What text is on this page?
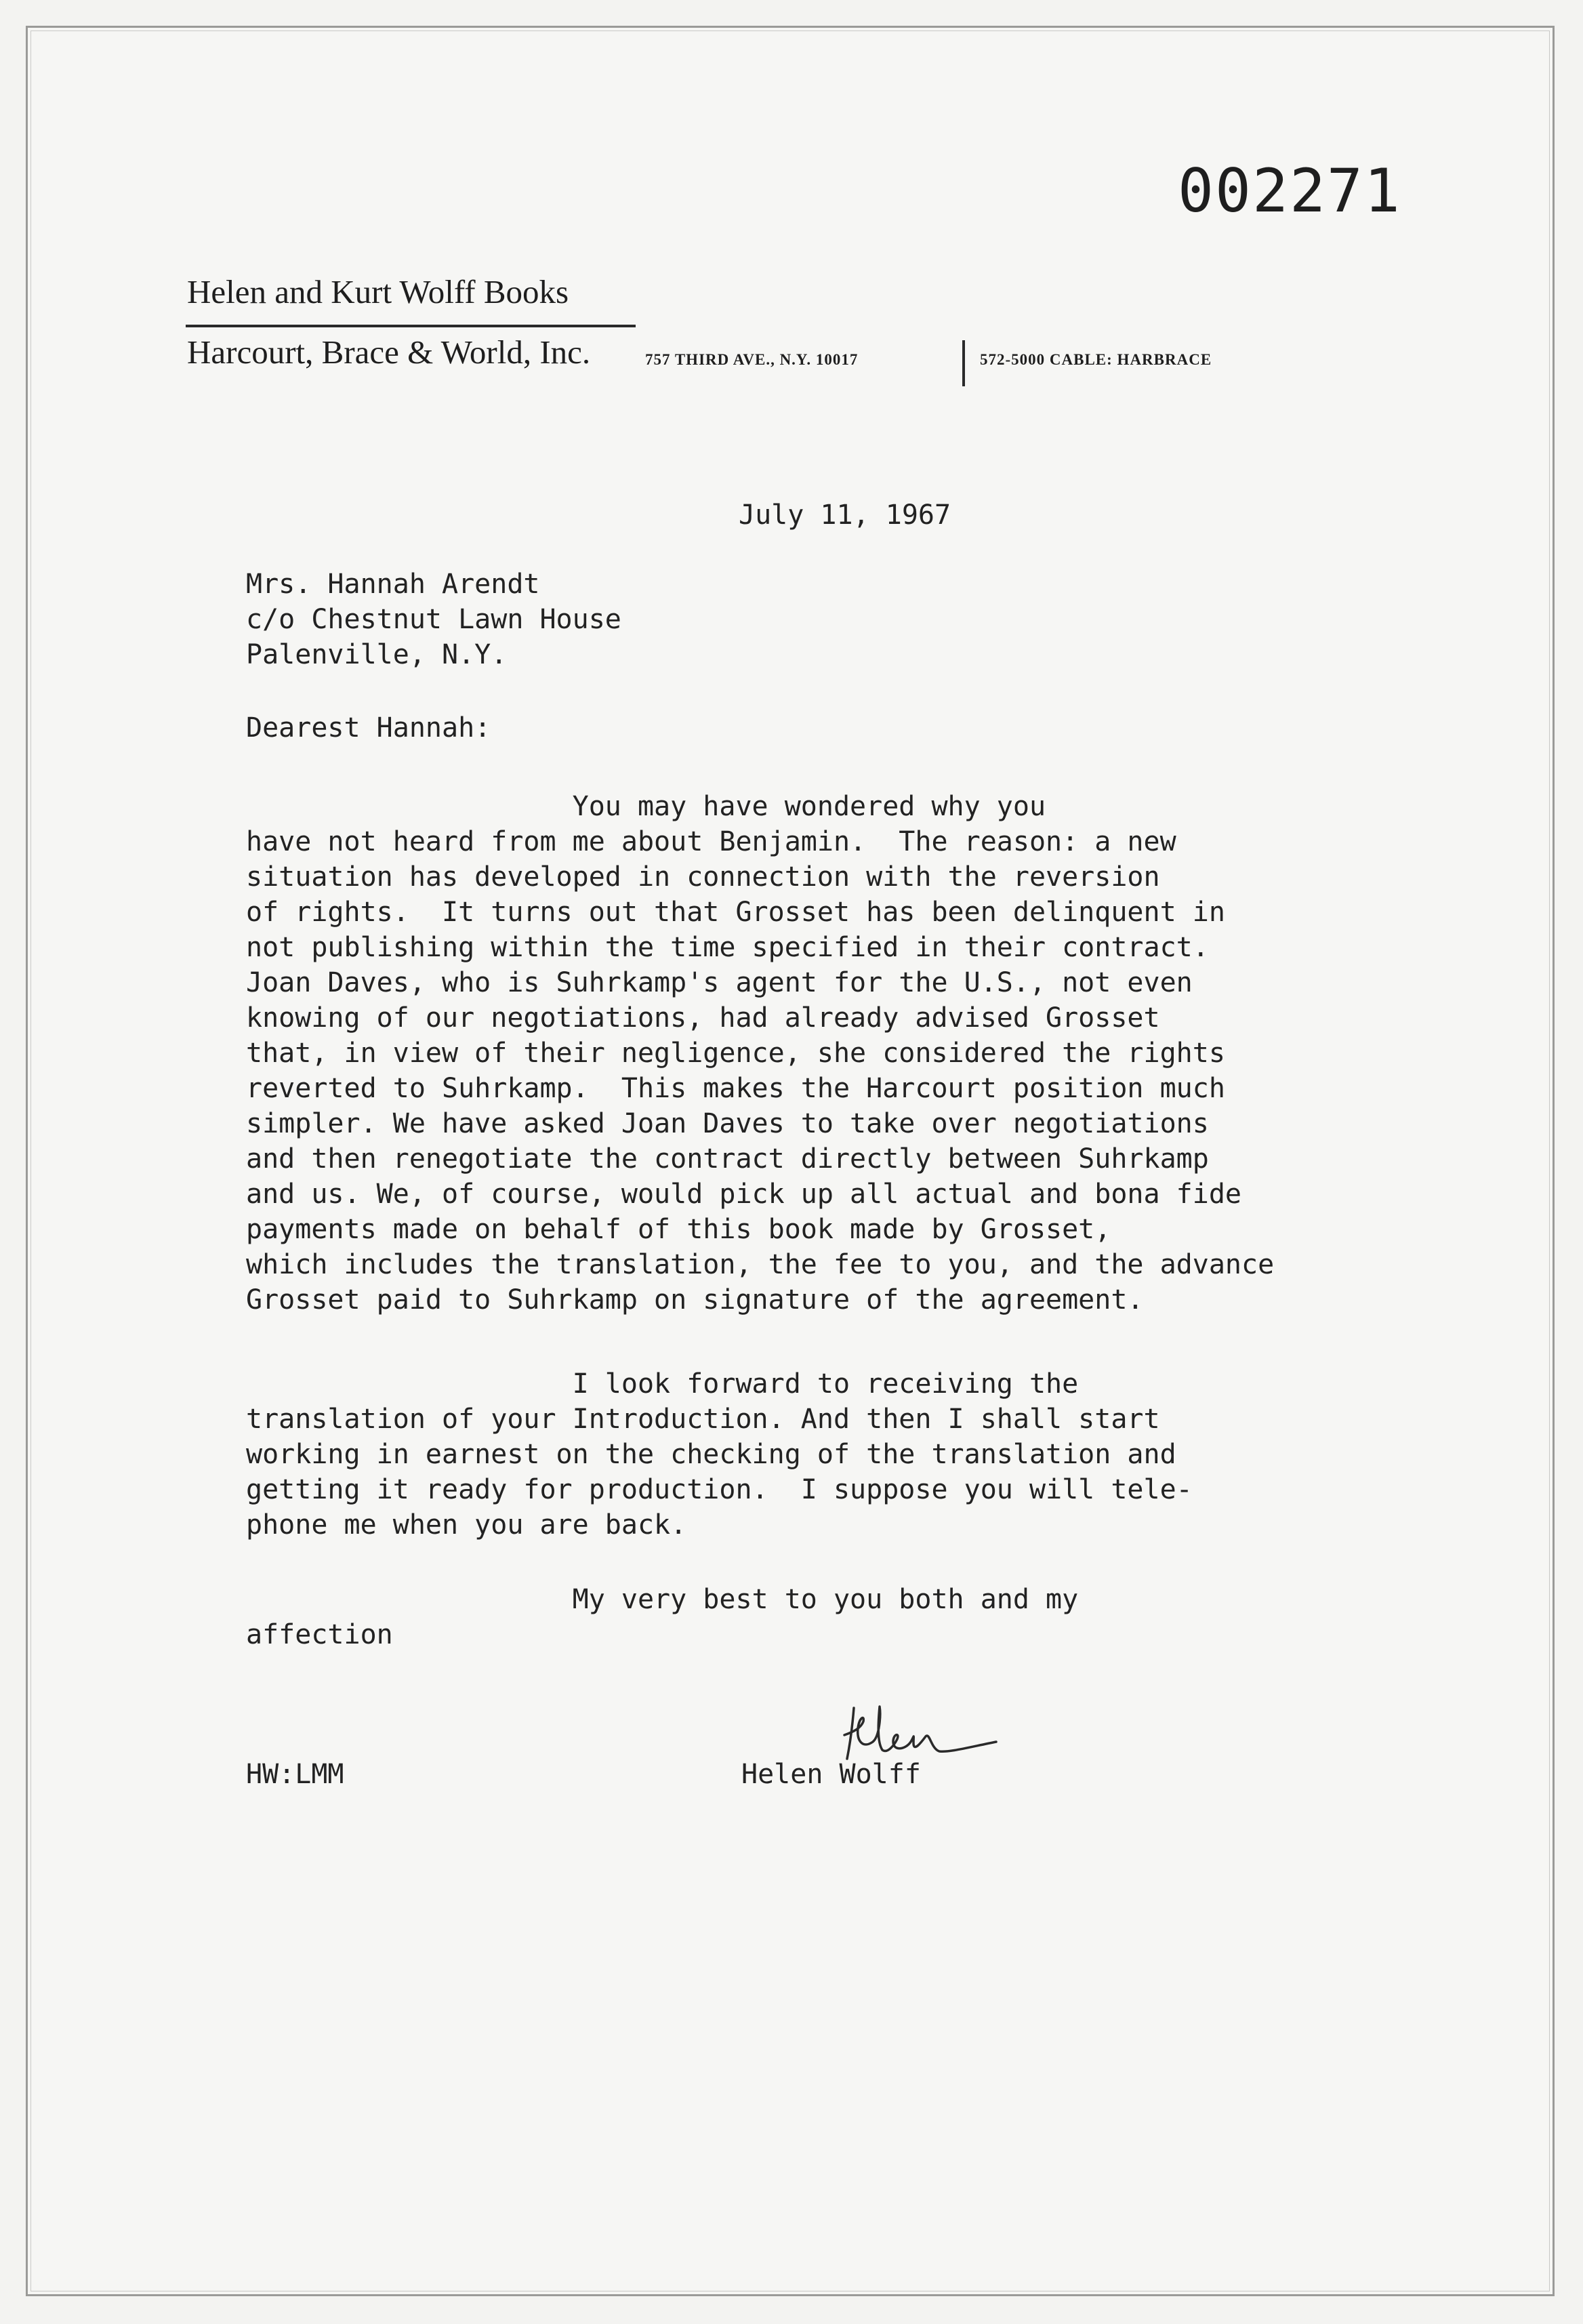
002271
Helen and Kurt Wolff Books
Harcourt, Brace & World, Inc.	757 THIRD AVE., N.Y. 10017	572-5000 CABLE: HARBRACE
July 11, 1967
Mrs. Hannah Arendt
c/o Chestnut Lawn House
Palenville, N.Y.
Dearest Hannah:
You may have wondered why you
have not heard from me about Benjamin.  The reason: a new
situation has developed in connection with the reversion
of rights.  It turns out that Grosset has been delinquent in
not publishing within the time specified in their contract.
Joan Daves, who is Suhrkamp's agent for the U.S., not even
knowing of our negotiations, had already advised Grosset
that, in view of their negligence, she considered the rights
reverted to Suhrkamp.  This makes the Harcourt position much
simpler. We have asked Joan Daves to take over negotiations
and then renegotiate the contract directly between Suhrkamp
and us. We, of course, would pick up all actual and bona fide
payments made on behalf of this book made by Grosset,
which includes the translation, the fee to you, and the advance
Grosset paid to Suhrkamp on signature of the agreement.
I look forward to receiving the
translation of your Introduction. And then I shall start
working in earnest on the checking of the translation and
getting it ready for production.  I suppose you will tele-
phone me when you are back.
My very best to you both and my
affection
HW:LMM	Helen Wolff
